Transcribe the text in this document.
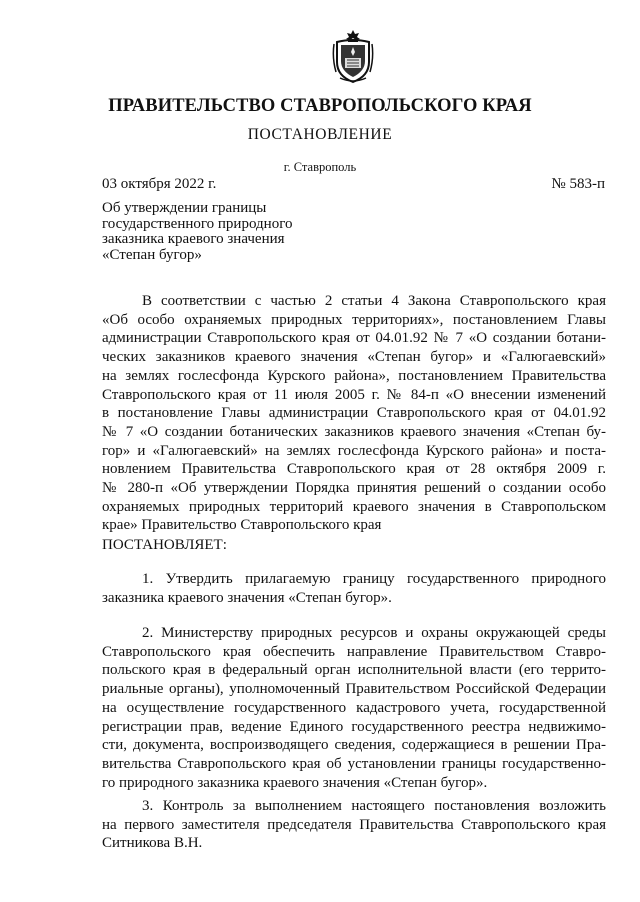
ПРАВИТЕЛЬСТВО СТАВРОПОЛЬСКОГО КРАЯ
ПОСТАНОВЛЕНИЕ
г. Ставрополь
03 октября 2022 г.	№ 583-п
Об утверждении границы
государственного природного
заказника краевого значения
«Степан бугор»
В соответствии с частью 2 статьи 4 Закона Ставропольского края
«Об особо охраняемых природных территориях», постановлением Главы
администрации Ставропольского края от 04.01.92 № 7 «О создании ботани-
ческих заказников краевого значения «Степан бугор» и «Галюгаевский»
на землях гослесфонда Курского района», постановлением Правительства
Ставропольского края от 11 июля 2005 г. № 84-п «О внесении изменений
в постановление Главы администрации Ставропольского края от 04.01.92
№ 7 «О создании ботанических заказников краевого значения «Степан бу-
гор» и «Галюгаевский» на землях гослесфонда Курского района» и поста-
новлением Правительства Ставропольского края от 28 октября 2009 г.
№ 280-п «Об утверждении Порядка принятия решений о создании особо
охраняемых природных территорий краевого значения в Ставропольском
крае» Правительство Ставропольского края
ПОСТАНОВЛЯЕТ:
1. Утвердить прилагаемую границу государственного природного
заказника краевого значения «Степан бугор».
2. Министерству природных ресурсов и охраны окружающей среды
Ставропольского края обеспечить направление Правительством Ставро-
польского края в федеральный орган исполнительной власти (его террито-
риальные органы), уполномоченный Правительством Российской Федерации
на осуществление государственного кадастрового учета, государственной
регистрации прав, ведение Единого государственного реестра недвижимо-
сти, документа, воспроизводящего сведения, содержащиеся в решении Пра-
вительства Ставропольского края об установлении границы государственно-
го природного заказника краевого значения «Степан бугор».
3. Контроль за выполнением настоящего постановления возложить
на первого заместителя председателя Правительства Ставропольского края
Ситникова В.Н.
